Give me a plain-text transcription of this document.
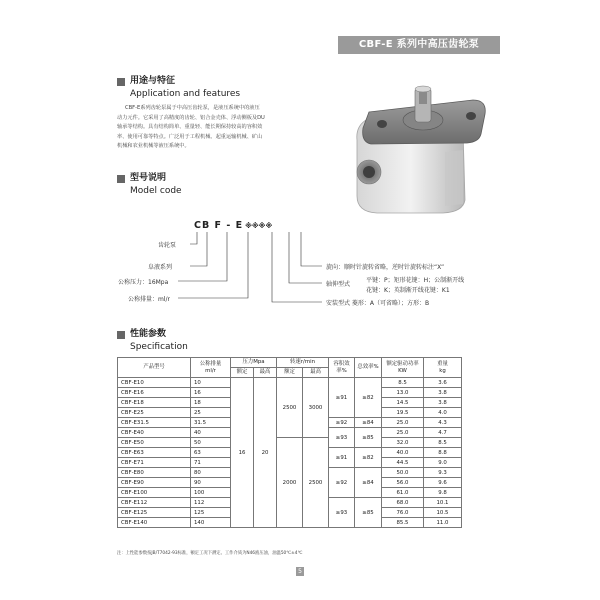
CBF-E 系列中高压齿轮泵
用途与特征
Application and features
CBF-E系列齿轮泵属于中高压齿轮泵，是液压系统中的液压
动力元件。它采用了高精度的齿轮、铝合金壳体、浮动侧板及DU
轴承等结构。具有结构简单、重量轻、能长期保持较高的容积效
率、使用可靠等特点。广泛用于工程机械、起重运输机械、矿山
机械和农业机械等液压系统中。
型号说明
Model code
CB F - E ※※※※
齿轮泵
阜液系列
公称压力：16Mpa
公称排量：ml/r
旋向：顺时针旋转省略，逆时针旋转标注“X”
轴伸型式
平键：P；矩形花键：H；公制渐开线
花键：K；英制渐开线花键：K1
安装型式 菱形：A（可省略）；方形：B
性能参数
Specification
产品型号	公称排量
ml/r	压力Mpa		转速r/min		容积效率%	总效率%	额定驱动功率
KW	重量
kg
		额定	最高	额定	最高				
CBF-E10	10	16	20	2500	3000	≥91	≥82	8.5	3.6
CBF-E16	16							13.0	3.8
CBF-E18	18							14.5	3.8
CBF-E25	25							19.5	4.0
CBF-E31.5	31.5					≥92	≥84	25.0	4.3
CBF-E40	40					≥93	≥85	25.0	4.7
CBF-E50	50			2000	2500			32.0	8.5
CBF-E63	63					≥91	≥82	40.0	8.8
CBF-E71	71							44.5	9.0
CBF-E80	80					≥92	≥84	50.0	9.3
CBF-E90	90							56.0	9.6
CBF-E100	100							61.0	9.8
CBF-E112	112					≥93	≥85	68.0	10.1
CBF-E125	125							76.0	10.5
CBF-E140	140							85.5	11.0
注：上性能参数按JB/T7042-93标准，额定工况下测定。工作介质为N46液压油，油温50℃±4℃
5
